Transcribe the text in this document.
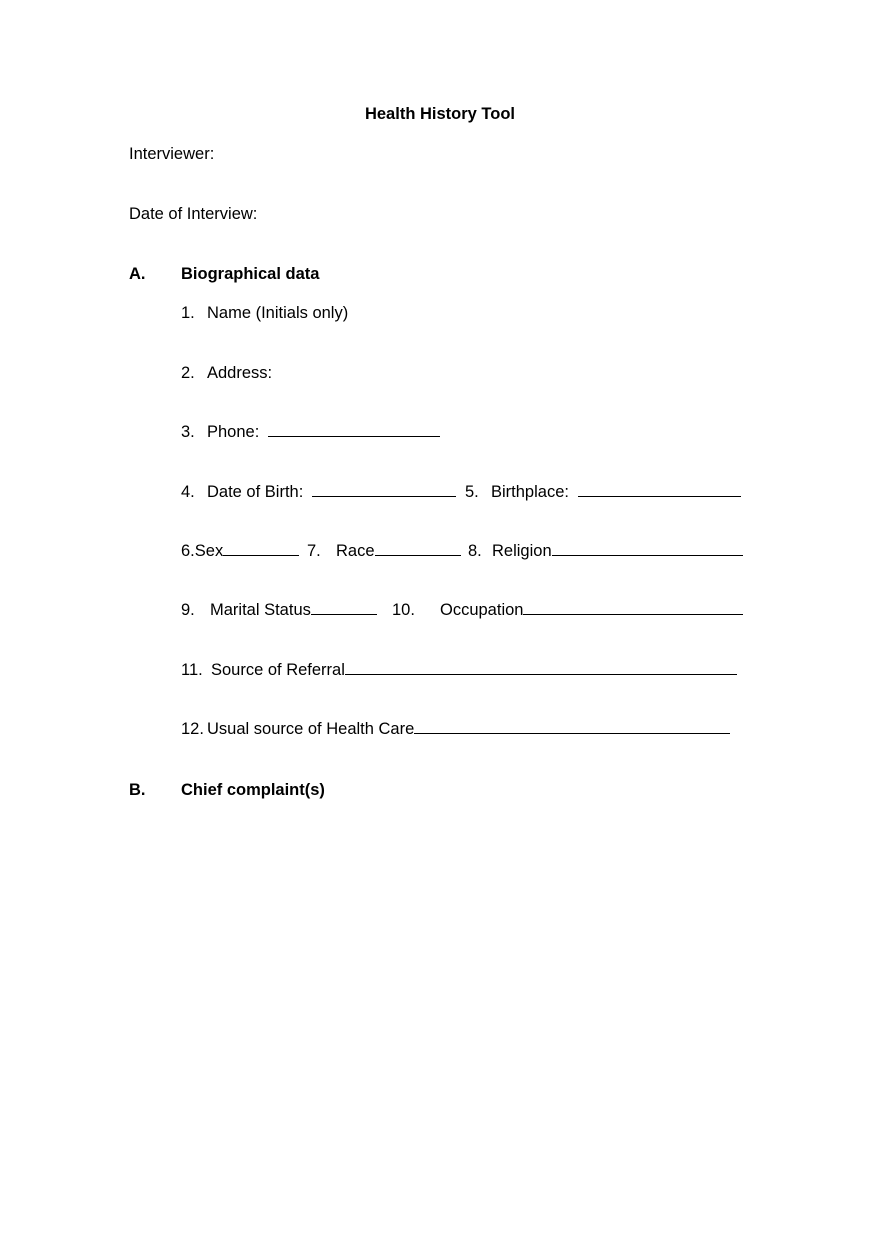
Health History Tool
Interviewer:
Date of Interview:
A. Biographical data
1. Name (Initials only)
2. Address:
3. Phone:
4. Date of Birth:	5. Birthplace:
6.Sex	7. Race	8. Religion
9. Marital Status	10. Occupation
11. Source of Referral
12. Usual source of Health Care
B. Chief complaint(s)
